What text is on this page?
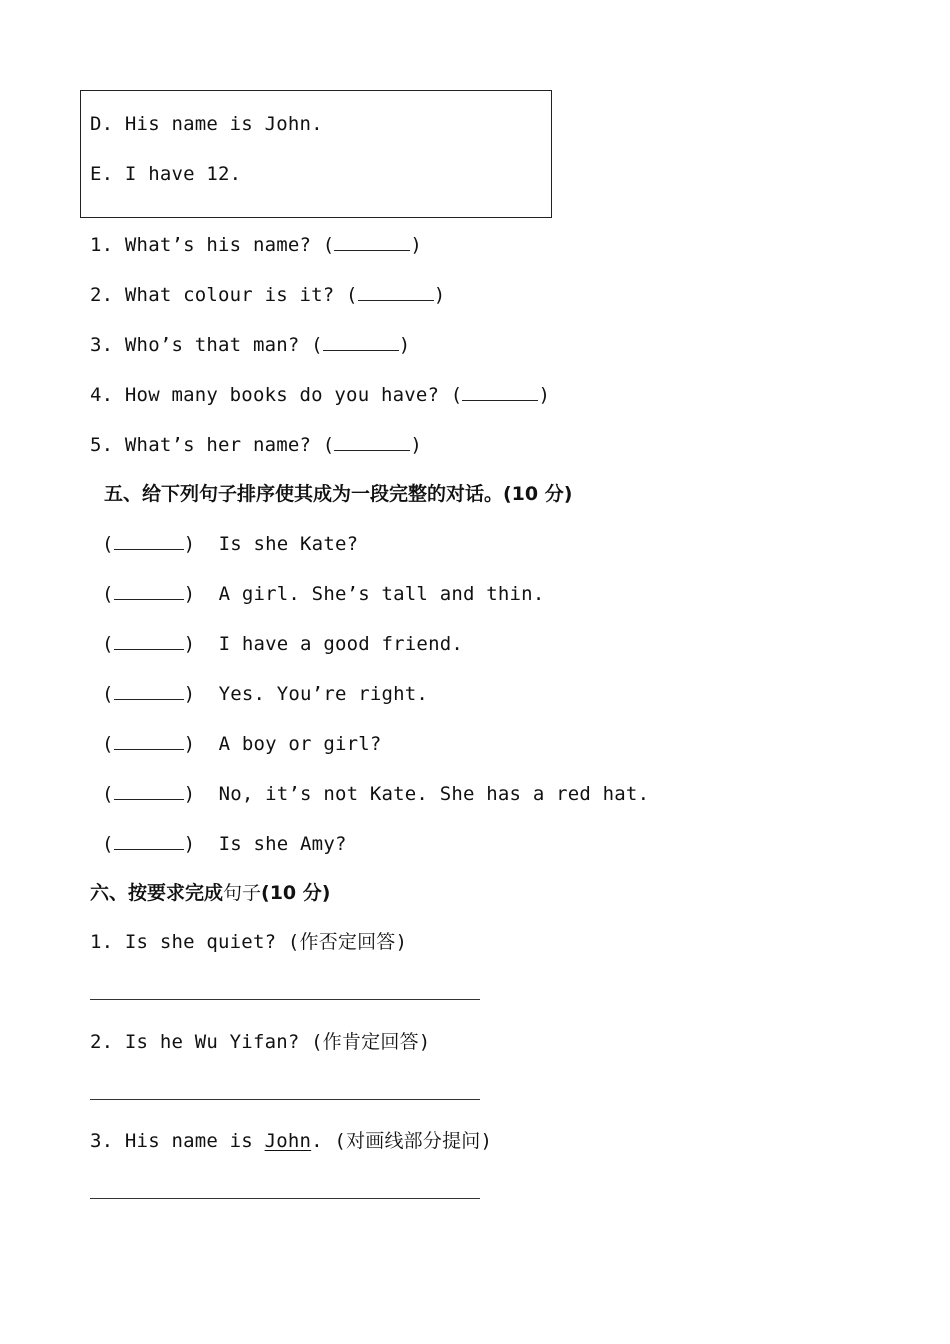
D. His name is John.
E. I have 12.
1. What’s his name? (	)
2. What colour is it? (	)
3. Who’s that man? (	)
4. How many books do you have? (	)
5. What’s her name? (	)
五、给下列句子排序使其成为一段完整的对话。(10 分)
(	) Is she Kate?
(	) A girl. She’s tall and thin.
(	) I have a good friend.
(	) Yes. You’re right.
(	) A boy or girl?
(	) No, it’s not Kate. She has a red hat.
(	) Is she Amy?
六、按要求完成句子(10 分)
1. Is she quiet? (作否定回答)
2. Is he Wu Yifan? (作肯定回答)
3. His name is John. (对画线部分提问)
